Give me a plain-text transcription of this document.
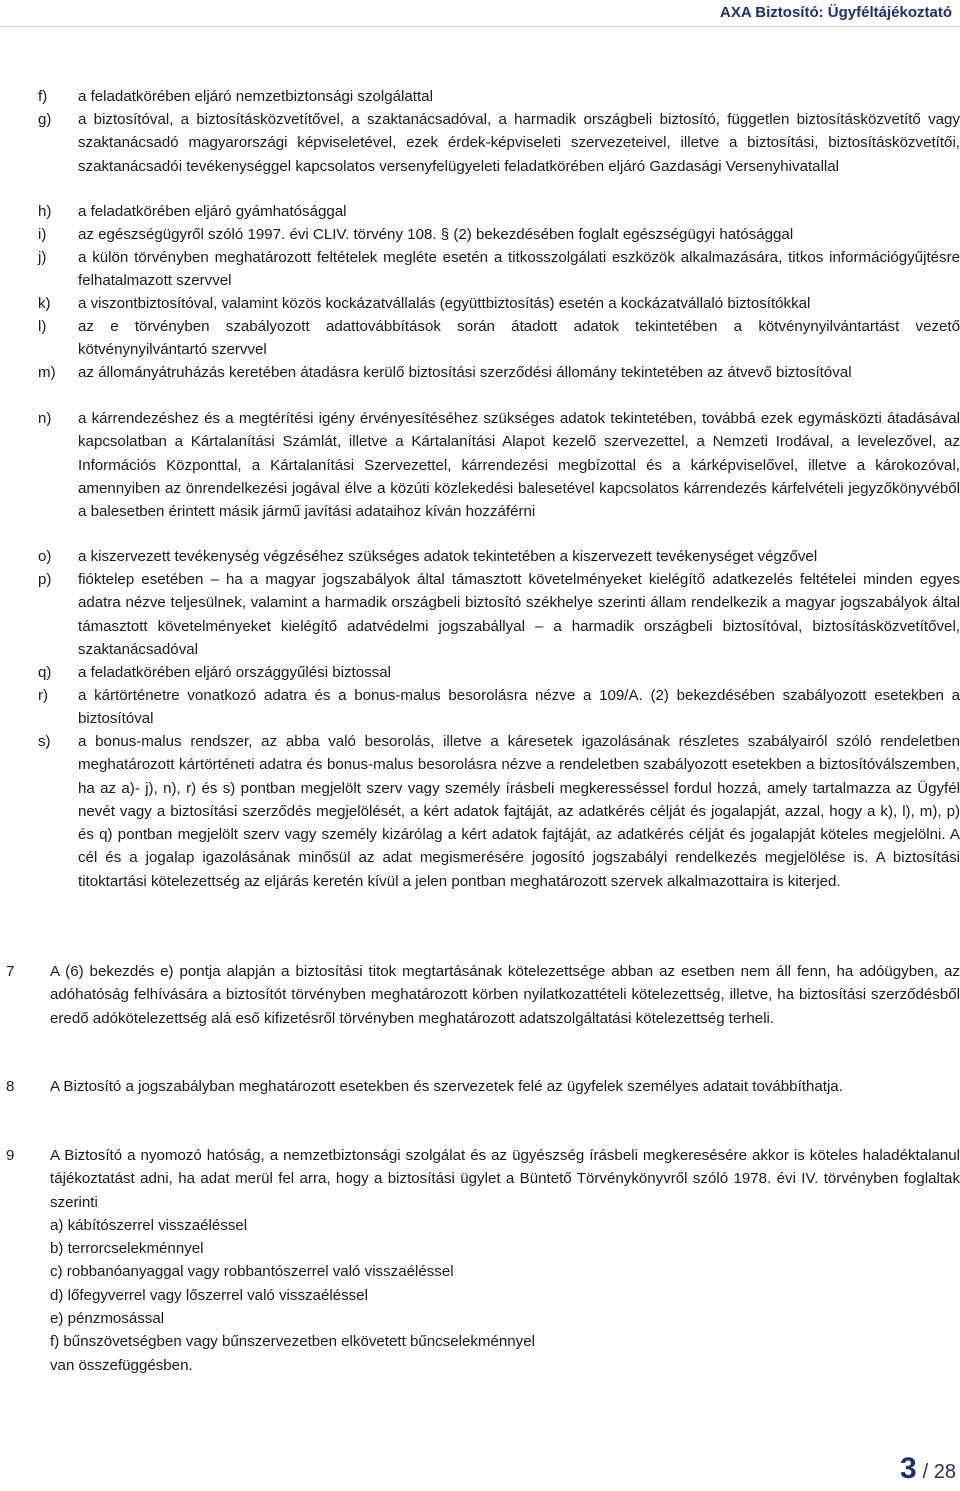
AXA Biztosító: Ügyféltájékoztató
f)	a feladatkörében eljáró nemzetbiztonsági szolgálattal
g)	a biztosítóval, a biztosításközvetítővel, a szaktanácsadóval, a harmadik országbeli biztosító, független biztosításközvetítő vagy szaktanácsadó magyarországi képviseletével, ezek érdek-képviseleti szervezeteivel, illetve a biztosítási, biztosításközvetítői, szaktanácsadói tevékenységgel kapcsolatos versenyfelügyeleti feladatkörében eljáró Gazdasági Versenyhivatallal
h)	a feladatkörében eljáró gyámhatósággal
i)	az egészségügyről szóló 1997. évi CLIV. törvény 108. § (2) bekezdésében foglalt egészségügyi hatósággal
j)	a külön törvényben meghatározott feltételek megléte esetén a titkosszolgálati eszközök alkalmazására, titkos információgyűjtésre felhatalmazott szervvel
k)	a viszontbiztosítóval, valamint közös kockázatvállalás (együttbiztosítás) esetén a kockázatvállaló biztosítókkal
l)	az e törvényben szabályozott adattovábbítások során átadott adatok tekintetében a kötvénynyilvántartást vezető kötvénynyilvántartó szervvel
m)	az állományátruházás keretében átadásra kerülő biztosítási szerződési állomány tekintetében az átvevő biztosítóval
n)	a kárrendezéshez és a megtérítési igény érvényesítéséhez szükséges adatok tekintetében, továbbá ezek egymásközti átadásával kapcsolatban a Kártalanítási Számlát, illetve a Kártalanítási Alapot kezelő szervezettel, a Nemzeti Irodával, a levelezővel, az Információs Központtal, a Kártalanítási Szervezettel, kárrendezési megbízottal és a kárképviselővel, illetve a károkozóval, amennyiben az önrendelkezési jogával élve a közúti közlekedési balesetével kapcsolatos kárrendezés kárfelvételi jegyzőkönyvéből a balesetben érintett másik jármű javítási adataihoz kíván hozzáférni
o)	a kiszervezett tevékenység végzéséhez szükséges adatok tekintetében a kiszervezett tevékenységet végzővel
p)	fióktelep esetében – ha a magyar jogszabályok által támasztott követelményeket kielégítő adatkezelés feltételei minden egyes adatra nézve teljesülnek, valamint a harmadik országbeli biztosító székhelye szerinti állam rendelkezik a magyar jogszabályok által támasztott követelményeket kielégítő adatvédelmi jogszabállyal – a harmadik országbeli biztosítóval, biztosításközvetítővel, szaktanácsadóval
q)	a feladatkörében eljáró országgyűlési biztossal
r)	a kártörténetre vonatkozó adatra és a bonus-malus besorolásra nézve a 109/A. (2) bekezdésében szabályozott esetekben a biztosítóval
s)	a bonus-malus rendszer, az abba való besorolás, illetve a káresetek igazolásának részletes szabályairól szóló rendeletben meghatározott kártörténeti adatra és bonus-malus besorolásra nézve a rendeletben szabályozott esetekben a biztosítóválszemben, ha az a)- j), n), r) és s) pontban megjelölt szerv vagy személy írásbeli megkeresséssel fordul hozzá, amely tartalmazza az Ügyfél nevét vagy a biztosítási szerződés megjelölését, a kért adatok fajtáját, az adatkérés célját és jogalapját, azzal, hogy a k), l), m), p) és q) pontban megjelölt szerv vagy személy kizárólag a kért adatok fajtáját, az adatkérés célját és jogalapját köteles megjelölni. A cél és a jogalap igazolásának minősül az adat megismerésére jogosító jogszabályi rendelkezés megjelölése is. A biztosítási titoktartási kötelezettség az eljárás keretén kívül a jelen pontban meghatározott szervek alkalmazottaira is kiterjed.
7	A (6) bekezdés e) pontja alapján a biztosítási titok megtartásának kötelezettsége abban az esetben nem áll fenn, ha adóügyben, az adóhatóság felhívására a biztosítót törvényben meghatározott körben nyilatkozattételi kötelezettség, illetve, ha biztosítási szerződésből eredő adókötelezettség alá eső kifizetésről törvényben meghatározott adatszolgáltatási kötelezettség terheli.
8	A Biztosító a jogszabályban meghatározott esetekben és szervezetek felé az ügyfelek személyes adatait továbbíthatja.
9	A Biztosító a nyomozó hatóság, a nemzetbiztonsági szolgálat és az ügyészség írásbeli megkeresésére akkor is köteles haladéktalanul tájékoztatást adni, ha adat merül fel arra, hogy a biztosítási ügylet a Büntető Törvénykönyvről szóló 1978. évi IV. törvényben foglaltak szerinti
a) kábítószerrel visszaéléssel
b) terrorcselekménnyel
c) robbanóanyaggal vagy robbantószerrel való visszaéléssel
d) lőfegyverrel vagy lőszerrel való visszaéléssel
e) pénzmosással
f) bűnszövetségben vagy bűnszervezetben elkövetett bűncselekménnyel
van összefüggésben.
3 / 28
